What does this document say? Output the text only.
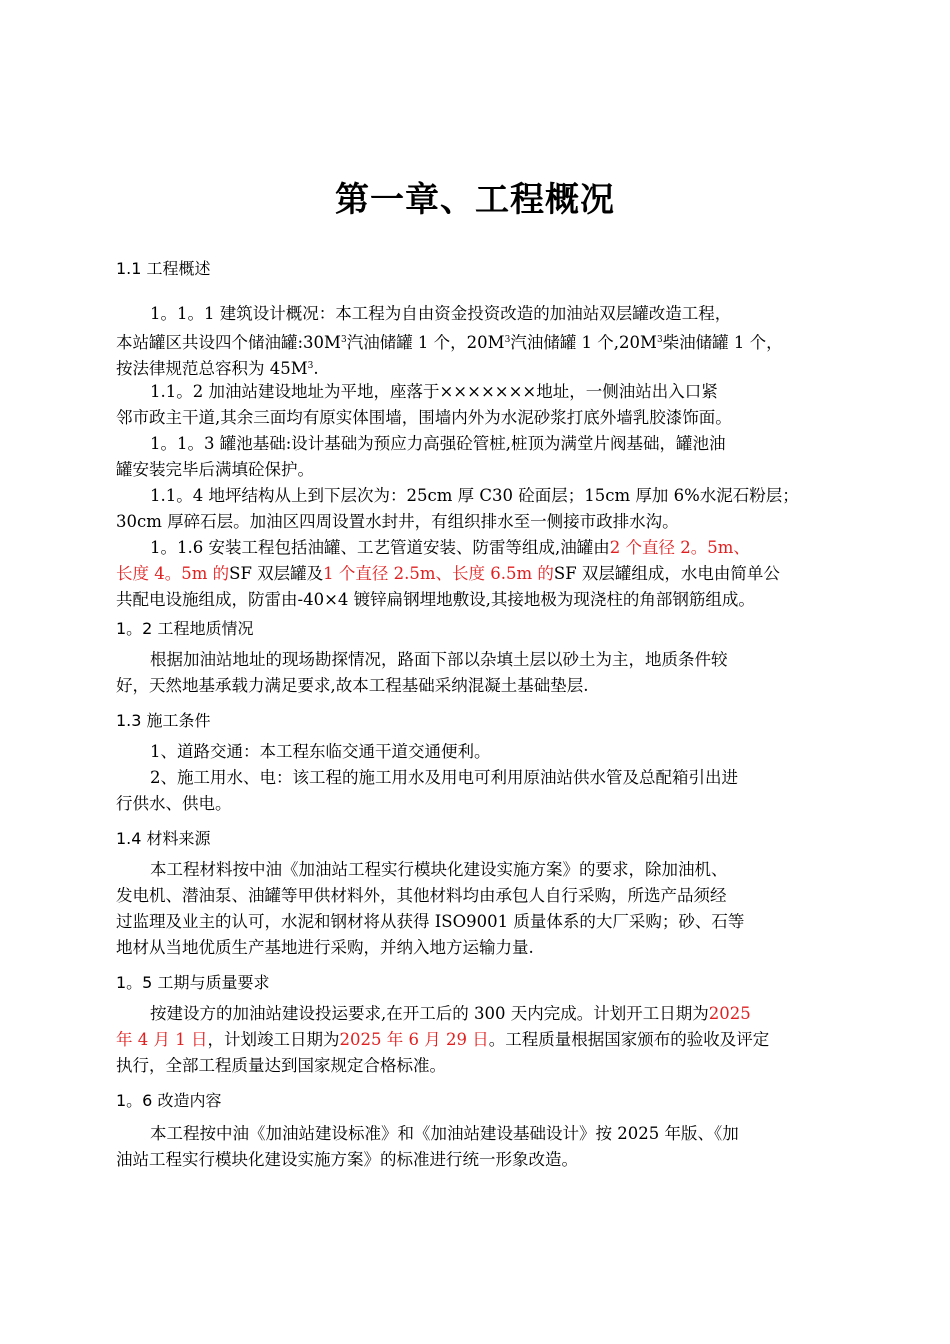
第一章、工程概况
1.1 工程概述
1。1。1 建筑设计概况：本工程为自由资金投资改造的加油站双层罐改造工程，
本站罐区共设四个储油罐$:30M^3$汽油储罐 1 个，$20M^3$汽油储罐 1 个$,20M^3$柴油储罐 1 个，
按法律规范总容积为 $45M^3$.
1.1。2 加油站建设地址为平地，座落于×××××××地址，一侧油站出入口紧
邻市政主干道,其余三面均有原实体围墙，围墙内外为水泥砂浆打底外墙乳胶漆饰面。
1。1。3 罐池基础:设计基础为预应力高强砼管桩,桩顶为满堂片阀基础，罐池油
罐安装完毕后满填砼保护。
1.1。4 地坪结构从上到下层次为：25cm 厚 C30 砼面层；15cm 厚加 6%水泥石粉层；
30cm 厚碎石层。加油区四周设置水封井，有组织排水至一侧接市政排水沟。
1。1.6 安装工程包括油罐、工艺管道安装、防雷等组成,油罐由2 个直径 2。5m、
长度 4。5m 的SF 双层罐及1 个直径 2.5m、长度 6.5m 的SF 双层罐组成，水电由简单公
共配电设施组成，防雷由-40×4 镀锌扁钢埋地敷设,其接地极为现浇柱的角部钢筋组成。
1。2 工程地质情况
根据加油站地址的现场勘探情况，路面下部以杂填土层以砂土为主，地质条件较
好，天然地基承载力满足要求,故本工程基础采纳混凝土基础垫层.
1.3 施工条件
1、道路交通：本工程东临交通干道交通便利。
2、施工用水、电：该工程的施工用水及用电可利用原油站供水管及总配箱引出进
行供水、供电。
1.4 材料来源
本工程材料按中油《加油站工程实行模块化建设实施方案》的要求，除加油机、
发电机、潜油泵、油罐等甲供材料外，其他材料均由承包人自行采购，所选产品须经
过监理及业主的认可，水泥和钢材将从获得 ISO9001 质量体系的大厂采购；砂、石等
地材从当地优质生产基地进行采购，并纳入地方运输力量.
1。5 工期与质量要求
按建设方的加油站建设投运要求,在开工后的 300 天内完成。计划开工日期为2025
年 4 月 1 日，计划竣工日期为2025 年 6 月 29 日。工程质量根据国家颁布的验收及评定
执行，全部工程质量达到国家规定合格标准。
1。6 改造内容
本工程按中油《加油站建设标准》和《加油站建设基础设计》按 2025 年版、《加
油站工程实行模块化建设实施方案》的标准进行统一形象改造。
